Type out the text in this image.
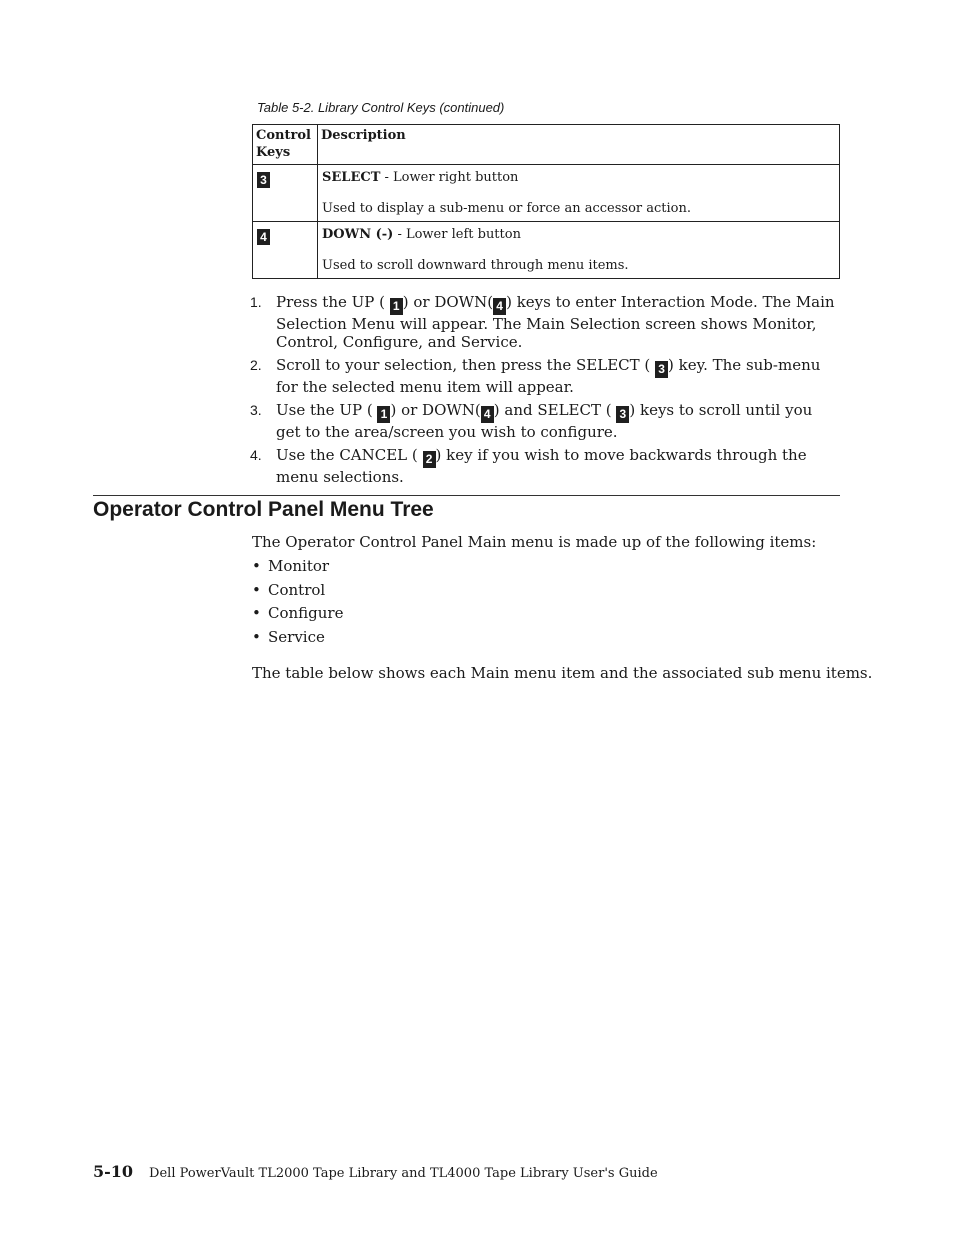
Table 5-2. Library Control Keys (continued)
Control Keys	Description
3	SELECT - Lower right button

Used to display a sub-menu or force an accessor action.

4	DOWN (-) - Lower left button

Used to scroll downward through menu items.

1. Press the UP ( 1 ) or DOWN( 4 ) keys to enter Interaction Mode. The Main Selection Menu will appear. The Main Selection screen shows Monitor, Control, Configure, and Service.
2. Scroll to your selection, then press the SELECT ( 3 ) key. The sub-menu for the selected menu item will appear.
3. Use the UP ( 1 ) or DOWN( 4 ) and SELECT ( 3 ) keys to scroll until you get to the area/screen you wish to configure.
4. Use the CANCEL ( 2 ) key if you wish to move backwards through the menu selections.
Operator Control Panel Menu Tree

The Operator Control Panel Main menu is made up of the following items:

• Monitor
• Control
• Configure
• Service

The table below shows each Main menu item and the associated sub menu items.

5-10 Dell PowerVault TL2000 Tape Library and TL4000 Tape Library User's Guide
